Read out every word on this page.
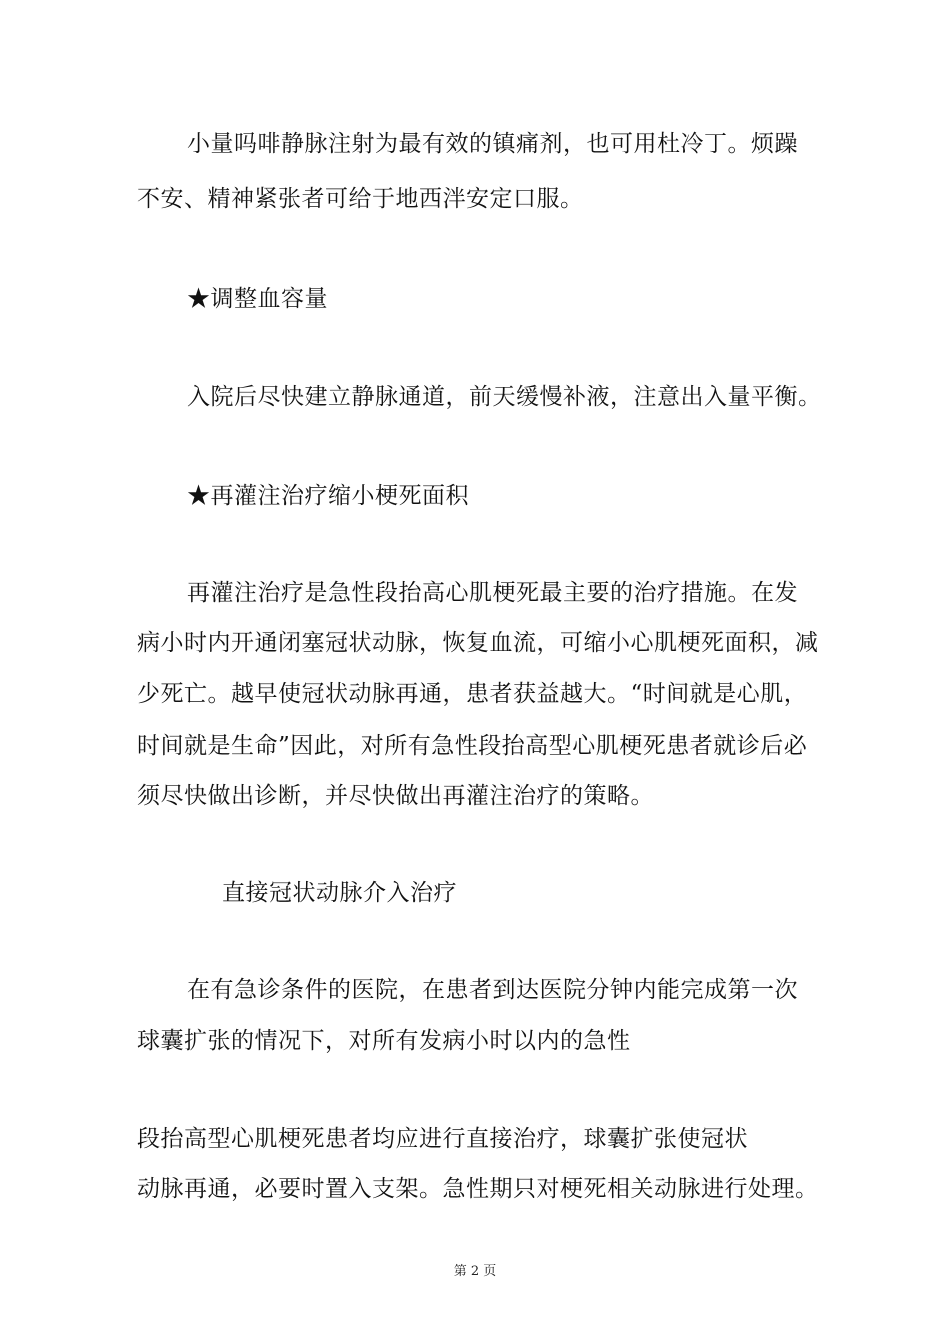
小量吗啡静脉注射为最有效的镇痛剂，也可用杜冷丁。烦躁
不安、精神紧张者可给于地西泮安定口服。
★调整血容量
入院后尽快建立静脉通道，前天缓慢补液，注意出入量平衡。
★再灌注治疗缩小梗死面积
再灌注治疗是急性段抬高心肌梗死最主要的治疗措施。在发
病小时内开通闭塞冠状动脉，恢复血流，可缩小心肌梗死面积，减
少死亡。越早使冠状动脉再通，患者获益越大。“时间就是心肌，
时间就是生命”因此，对所有急性段抬高型心肌梗死患者就诊后必
须尽快做出诊断，并尽快做出再灌注治疗的策略。
直接冠状动脉介入治疗
在有急诊条件的医院，在患者到达医院分钟内能完成第一次
球囊扩张的情况下，对所有发病小时以内的急性
段抬高型心肌梗死患者均应进行直接治疗，球囊扩张使冠状
动脉再通，必要时置入支架。急性期只对梗死相关动脉进行处理。
第 2 页
